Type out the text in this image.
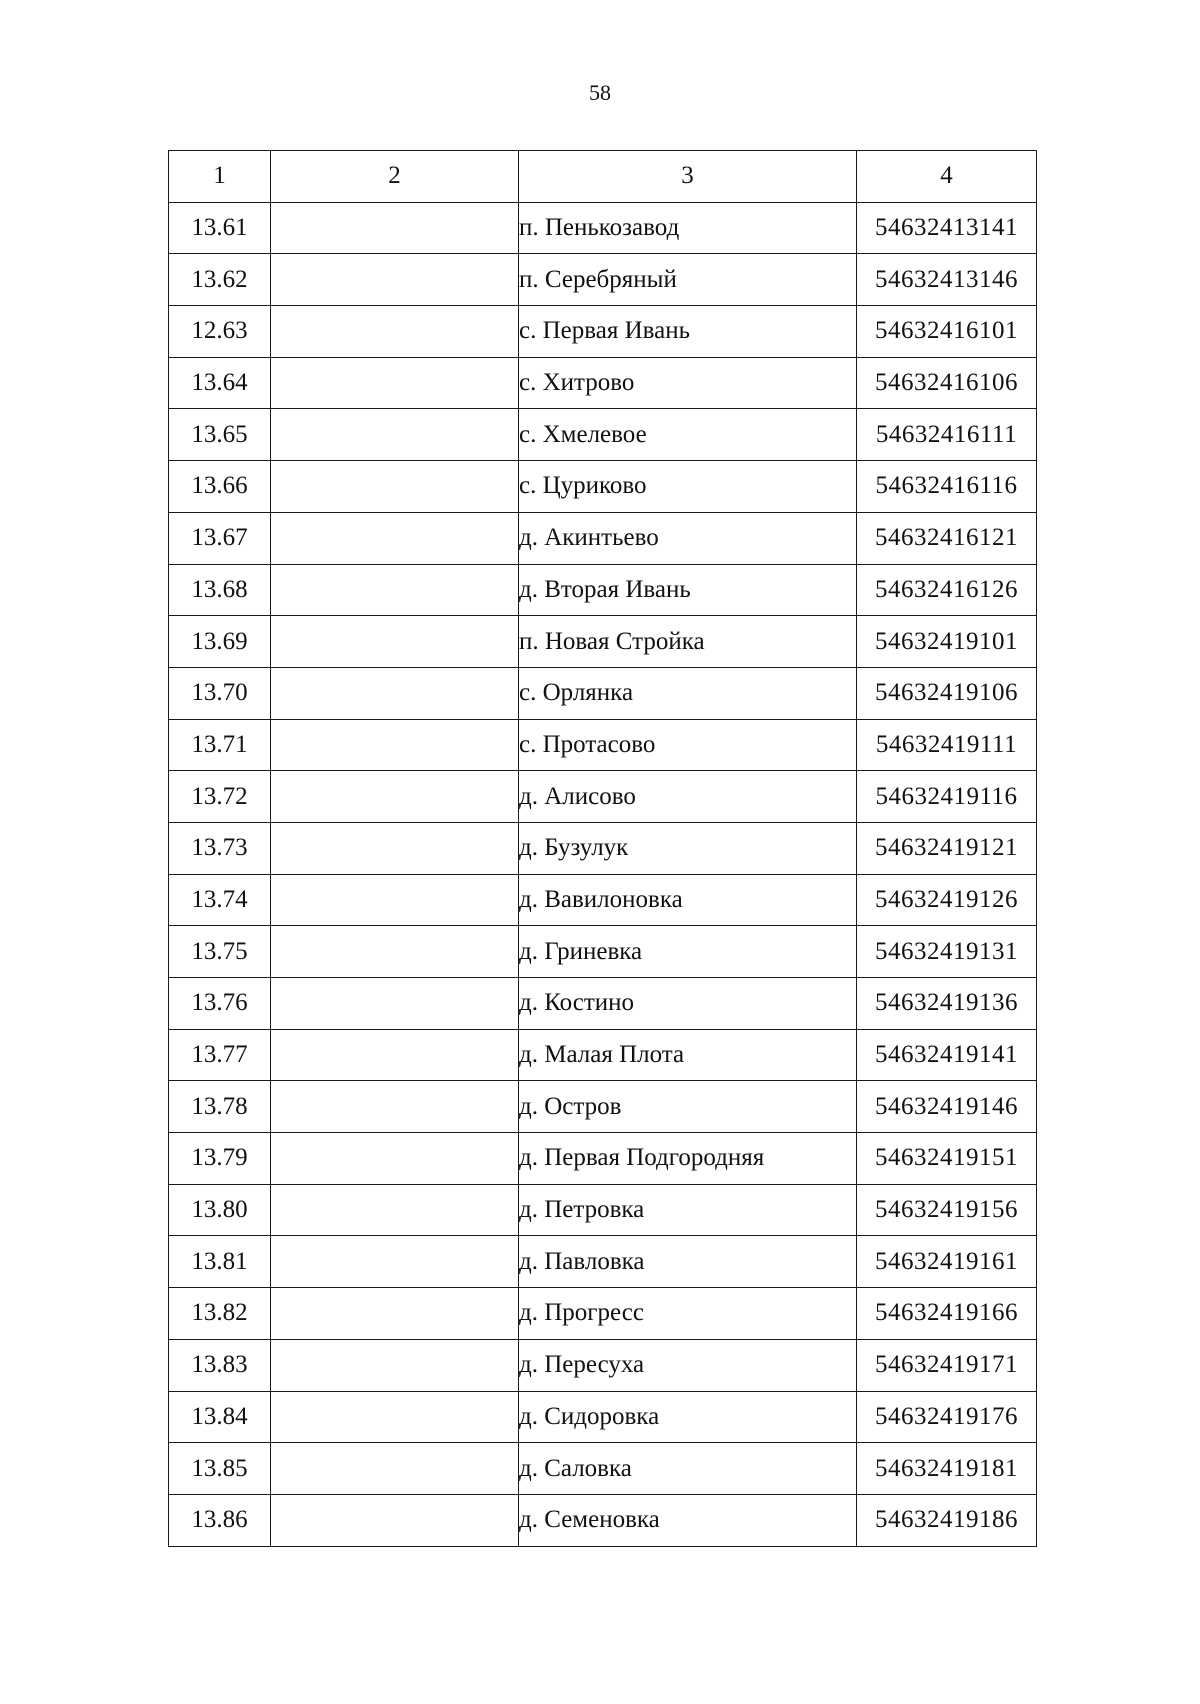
58
1	2	3	4
13.61		п. Пенькозавод	54632413141
13.62		п. Серебряный	54632413146
12.63		с. Первая Ивань	54632416101
13.64		с. Хитрово	54632416106
13.65		с. Хмелевое	54632416111
13.66		с. Цуриково	54632416116
13.67		д. Акинтьево	54632416121
13.68		д. Вторая Ивань	54632416126
13.69		п. Новая Стройка	54632419101
13.70		с. Орлянка	54632419106
13.71		с. Протасово	54632419111
13.72		д. Алисово	54632419116
13.73		д. Бузулук	54632419121
13.74		д. Вавилоновка	54632419126
13.75		д. Гриневка	54632419131
13.76		д. Костино	54632419136
13.77		д. Малая Плота	54632419141
13.78		д. Остров	54632419146
13.79		д. Первая Подгородняя	54632419151
13.80		д. Петровка	54632419156
13.81		д. Павловка	54632419161
13.82		д. Прогресс	54632419166
13.83		д. Пересуха	54632419171
13.84		д. Сидоровка	54632419176
13.85		д. Саловка	54632419181
13.86		д. Семеновка	54632419186
